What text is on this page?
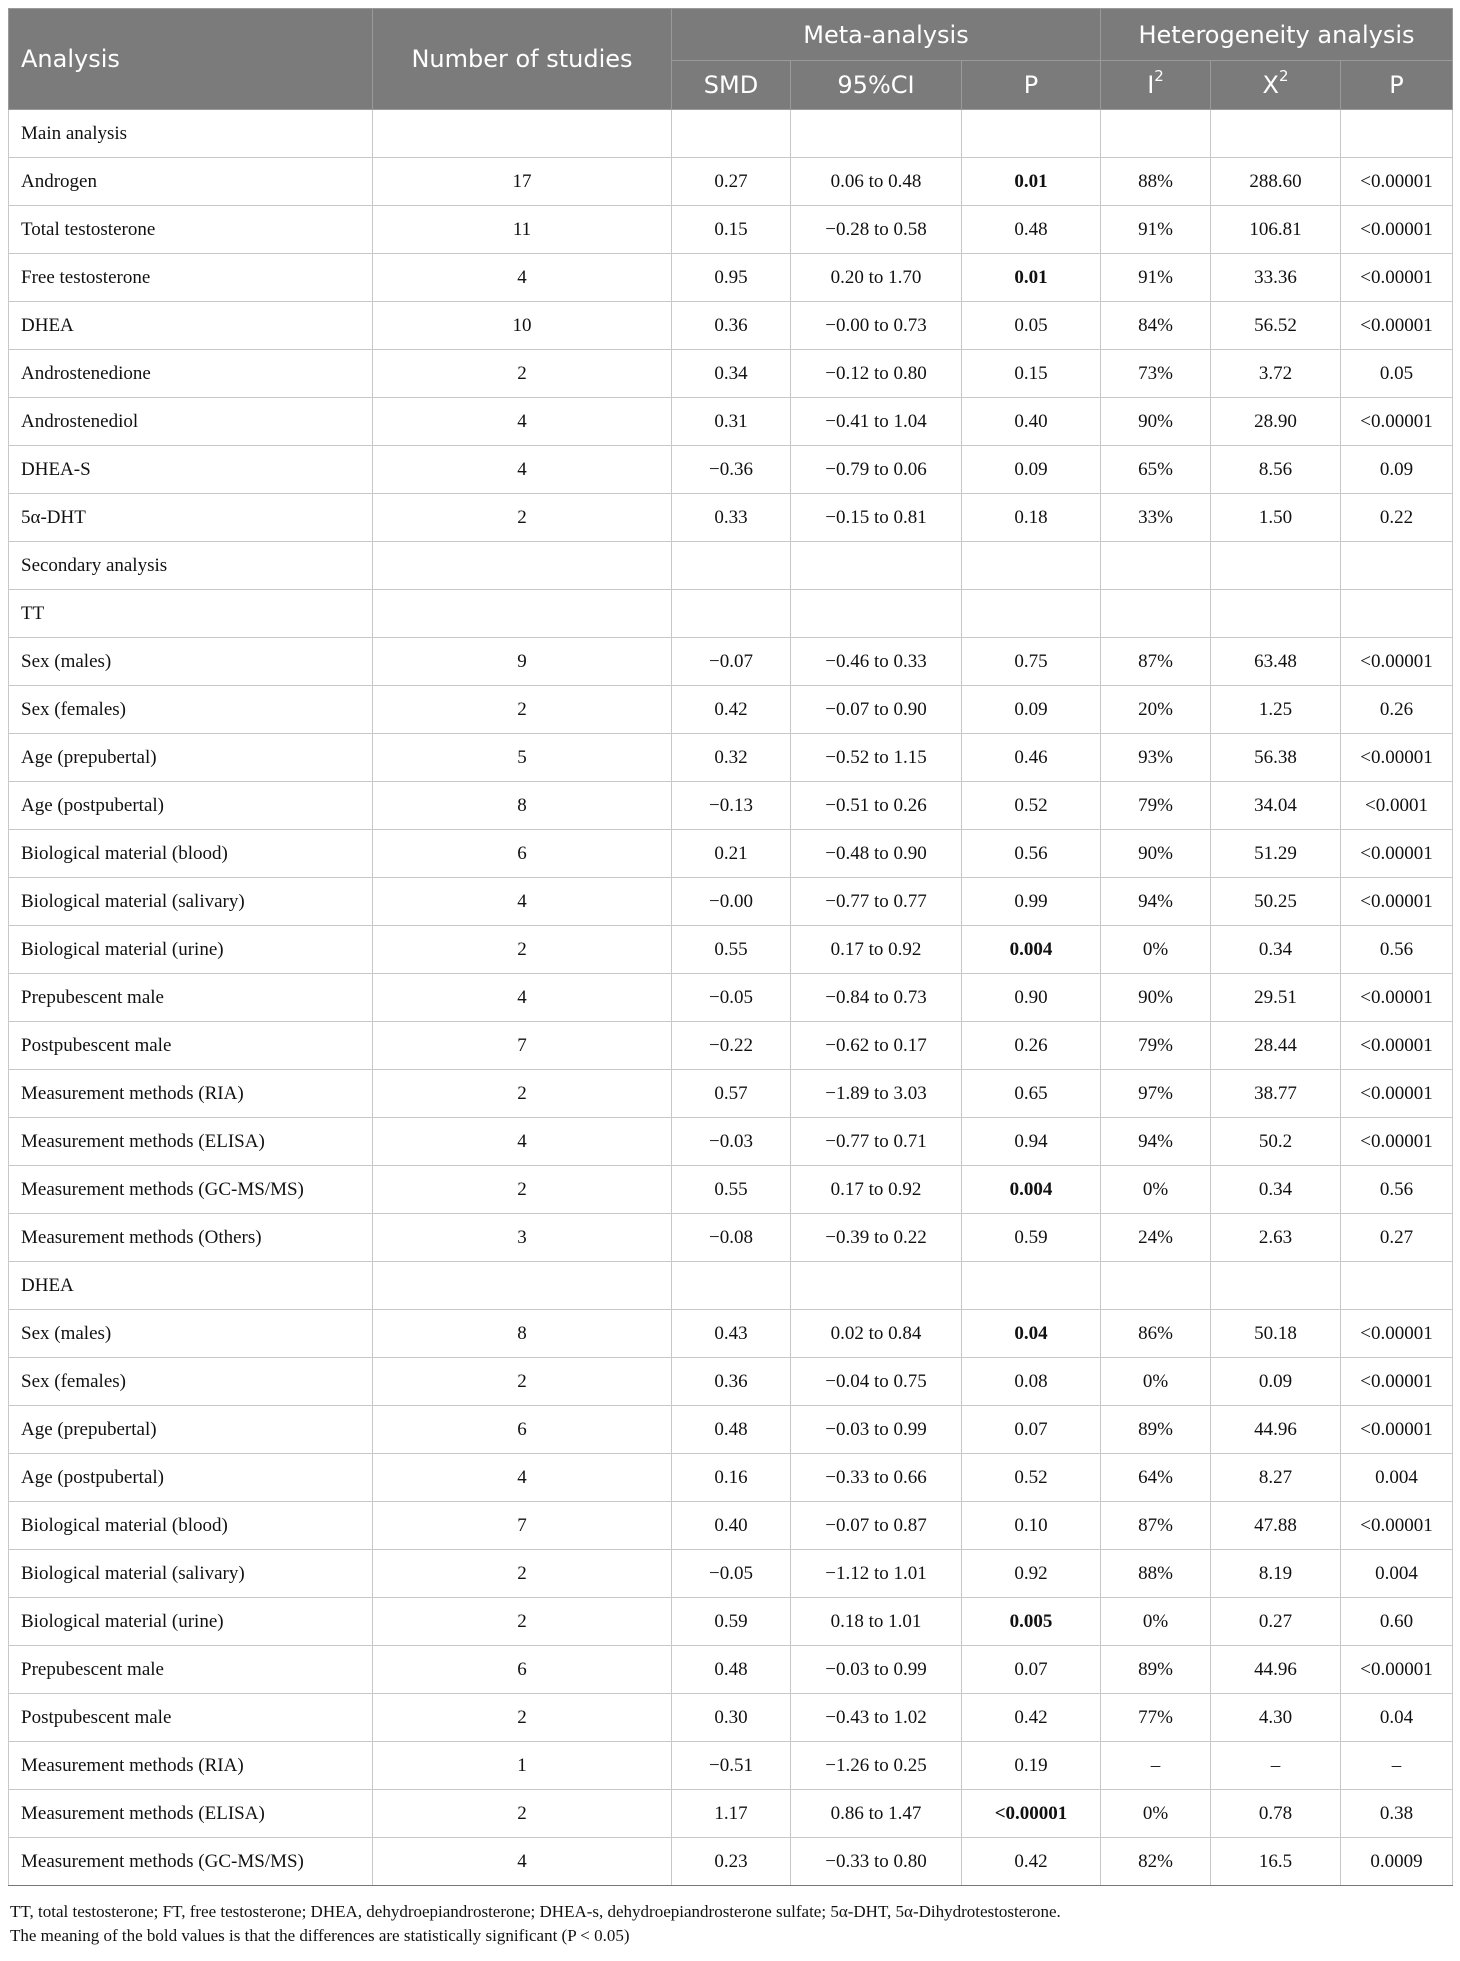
Analysis	Number of studies	Meta-analysis			Heterogeneity analysis		
		SMD	95%CI	P	$I^2$	$X^2$	P
Main analysis							
Androgen	17	0.27	0.06 to 0.48	0.01	88%	288.60	<0.00001
Total testosterone	11	0.15	−0.28 to 0.58	0.48	91%	106.81	<0.00001
Free testosterone	4	0.95	0.20 to 1.70	0.01	91%	33.36	<0.00001
DHEA	10	0.36	−0.00 to 0.73	0.05	84%	56.52	<0.00001
Androstenedione	2	0.34	−0.12 to 0.80	0.15	73%	3.72	0.05
Androstenediol	4	0.31	−0.41 to 1.04	0.40	90%	28.90	<0.00001
DHEA-S	4	−0.36	−0.79 to 0.06	0.09	65%	8.56	0.09
5α-DHT	2	0.33	−0.15 to 0.81	0.18	33%	1.50	0.22
Secondary analysis							
TT							
Sex (males)	9	−0.07	−0.46 to 0.33	0.75	87%	63.48	<0.00001
Sex (females)	2	0.42	−0.07 to 0.90	0.09	20%	1.25	0.26
Age (prepubertal)	5	0.32	−0.52 to 1.15	0.46	93%	56.38	<0.00001
Age (postpubertal)	8	−0.13	−0.51 to 0.26	0.52	79%	34.04	<0.0001
Biological material (blood)	6	0.21	−0.48 to 0.90	0.56	90%	51.29	<0.00001
Biological material (salivary)	4	−0.00	−0.77 to 0.77	0.99	94%	50.25	<0.00001
Biological material (urine)	2	0.55	0.17 to 0.92	0.004	0%	0.34	0.56
Prepubescent male	4	−0.05	−0.84 to 0.73	0.90	90%	29.51	<0.00001
Postpubescent male	7	−0.22	−0.62 to 0.17	0.26	79%	28.44	<0.00001
Measurement methods (RIA)	2	0.57	−1.89 to 3.03	0.65	97%	38.77	<0.00001
Measurement methods (ELISA)	4	−0.03	−0.77 to 0.71	0.94	94%	50.2	<0.00001
Measurement methods (GC-MS/MS)	2	0.55	0.17 to 0.92	0.004	0%	0.34	0.56
Measurement methods (Others)	3	−0.08	−0.39 to 0.22	0.59	24%	2.63	0.27
DHEA							
Sex (males)	8	0.43	0.02 to 0.84	0.04	86%	50.18	<0.00001
Sex (females)	2	0.36	−0.04 to 0.75	0.08	0%	0.09	<0.00001
Age (prepubertal)	6	0.48	−0.03 to 0.99	0.07	89%	44.96	<0.00001
Age (postpubertal)	4	0.16	−0.33 to 0.66	0.52	64%	8.27	0.004
Biological material (blood)	7	0.40	−0.07 to 0.87	0.10	87%	47.88	<0.00001
Biological material (salivary)	2	−0.05	−1.12 to 1.01	0.92	88%	8.19	0.004
Biological material (urine)	2	0.59	0.18 to 1.01	0.005	0%	0.27	0.60
Prepubescent male	6	0.48	−0.03 to 0.99	0.07	89%	44.96	<0.00001
Postpubescent male	2	0.30	−0.43 to 1.02	0.42	77%	4.30	0.04
Measurement methods (RIA)	1	−0.51	−1.26 to 0.25	0.19	–	–	–
Measurement methods (ELISA)	2	1.17	0.86 to 1.47	<0.00001	0%	0.78	0.38
Measurement methods (GC-MS/MS)	4	0.23	−0.33 to 0.80	0.42	82%	16.5	0.0009
TT, total testosterone; FT, free testosterone; DHEA, dehydroepiandrosterone; DHEA-s, dehydroepiandrosterone sulfate; 5α-DHT, 5α-Dihydrotestosterone.
The meaning of the bold values is that the differences are statistically significant (P < 0.05)
